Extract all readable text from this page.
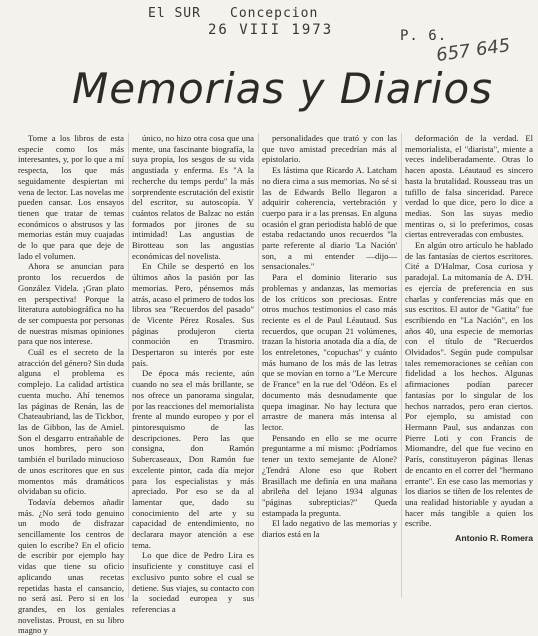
El SUR Concepcion
26 VIII 1973	P. 6.
657 645
Memorias y Diarios

Tome a los libros de esta especie como los más interesantes, y, por lo que a mí respecta, los que más seguidamente despiertan mi vena de lector. Las novelas me pueden cansar. Los ensayos tienen que tratar de temas económicos o abstrusos y las memorias están muy cuajadas de lo que para que deje de lado el volumen.

Ahora se anuncian para pronto los recuerdos de González Videla. ¡Gran plato en perspectiva! Porque la literatura autobiográfica no ha de ser compuesta por personas de nuestras mismas opiniones para que nos interese.

Cuál es el secreto de la atracción del género? Sin duda alguna el problema es complejo. La calidad artística cuenta mucho. Ahí tenemos las páginas de Renán, las de Chateaubriand, las de Tickbor, las de Gibbon, las de Amiel. Son el desgarro entrañable de unos hombres, pero son también el burilado minucioso de unos escritores que en sus momentos más dramáticos olvidaban su oficio.

Todavía debemos añadir más. ¿No será todo genuino un modo de disfrazar sencillamente los centros de quien lo escribe? En el oficio de escribir por ejemplo hay vidas que tiene su oficio aplicando unas recetas repetidas hasta el cansancio, no será así. Pero si en los grandes, en los geniales novelistas. Proust, en su libro magno y

único, no hizo otra cosa que una mente, una fascinante biografía, la suya propia, los sesgos de su vida angustiada y enferma. Es "A la recherche du temps perdu" la más sorprendente escrutación del existir del escritor, su autoscopía. Y cuántos relatos de Balzac no están formados por jirones de su intimidad! Las angustias de Birotteau son las angustias económicas del novelista.

En Chile se despertó en los últimos años la pasión por las memorias. Pero, pénsemos más atrás, acaso el primero de todos los libros sea "Recuerdos del pasado" de Vicente Pérez Rosales. Sus páginas produjeron cierta conmoción en Ttrasmiro. Despertaron su interés por este país.

De época más reciente, aún cuando no sea el más brillante, se nos ofrece un panorama singular, por las reacciones del memorialista frente al mundo europeo y por el pintoresquismo de las descripciones. Pero las que consigna, don Ramón Subercaseaux, Don Ramón fue excelente pintor, cada día mejor para los especialistas y más apreciado. Por eso se da al lamentar que, dado su conocimiento del arte y su capacidad de entendimiento, no declarara mayor atención a ese tema.

Lo que dice de Pedro Lira es insuficiente y constituye casi el exclusivo punto sobre el cual se detiene. Sus viajes, su contacto con la sociedad europea y sus referencias a

personalidades que trató y con las que tuvo amistad precedrían más al epistolario.

Es lástima que Ricardo A. Latcham no diera cima a sus memorias. No sé si las de Edwards Bello llegaron a adquirir coherencia, vertebración y cuerpo para ir a las prensas. En alguna ocasión el gran periodista habló de que estaba redactando unos recuerdos "la parte referente al diario 'La Nación' son, a mi entender —dijo— sensacionales."

Para el dominio literario sus problemas y andanzas, las memorias de los críticos son preciosas. Entre otros muchos testimonios el caso más reciente es el de Paul Léautaud. Sus recuerdos, que ocupan 21 volúmenes, trazan la historia anotada día a día, de los entreletones, "copuchas" y cuánto más humano de los más de las letras que se movían en torno a "Le Mercure de France" en la rue del 'Odéon. Es el documento más desnudamente que quepa imaginar. No hay lectura que arrastre de manera más intensa al lector.

Pensando en ello se me ocurre preguntarme a mí mismo: ¡Podríamos tener un texto semejante de Alone? ¿Tendrá Alone eso que Robert Brasillach me definía en una mañana abrileña del lejano 1934 algunas "páginas subrepticias?" Queda estampada la pregunta.

El lado negativo de las memorias y diarios está en la

deformación de la verdad. El memorialista, el "diarista", miente a veces indeliberadamente. Otras lo hacen aposta. Léautaud es sincero hasta la brutalidad. Rousseau tras un tufillo de falsa sinceridad. Parece verdad lo que dice, pero lo dice a medias. Son las suyas medio mentiras o, si lo preferimos, cosas ciertas entreveradas con embustes.

En algún otro artículo he hablado de las fantasías de ciertos escritores. Cité a D'Halmar, Cosa curiosa y paradojal. La mitomanía de A. D'H. es ejercía de preferencia en sus charlas y conferencias más que en sus escritos. El autor de "Gatita" fue escribiendo en "La Nación", en los años 40, una especie de memorias con el título de "Recuerdos Olvidados". Según pude compulsar tales rememoraciones se ceñían con fidelidad a los hechos. Algunas afirmaciones podían parecer fantasías por lo singular de los hechos narrados, pero eran ciertos. Por ejemplo, su amistad con Hermann Paul, sus andanzas con Pierre Loti y con Francis de Miomandre, del que fue vecino en París, constituyeron páginas llenas de encanto en el correr del "hermano errante". En ese caso las memorias y los diarios se tiñen de los relentes de una realidad historiable y ayudan a hacer más tangible a quien los escribe.

Antonio R. Romera
